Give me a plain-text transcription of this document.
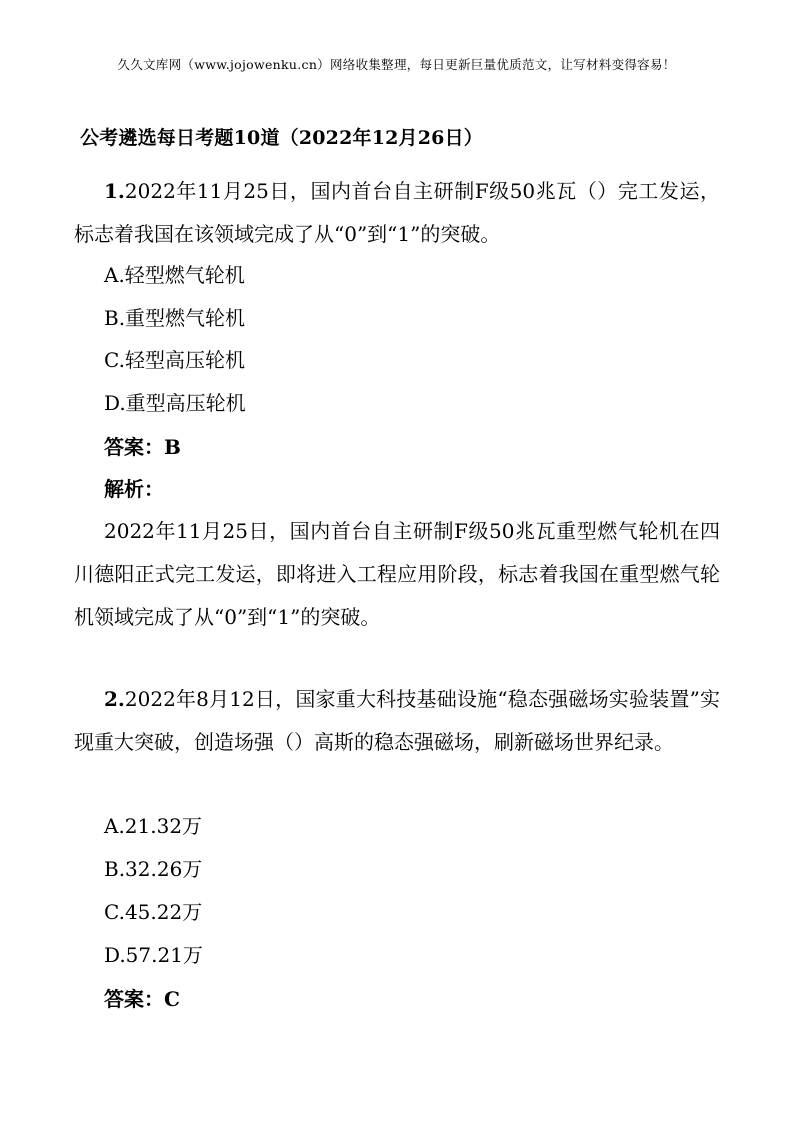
久久文库网（www.jojowenku.cn）网络收集整理，每日更新巨量优质范文，让写材料变得容易！
公考遴选每日考题10道（2022年12月26日）
1.2022年11月25日，国内首台自主研制F级50兆瓦（）完工发运，标志着我国在该领域完成了从“0”到“1”的突破。
A.轻型燃气轮机
B.重型燃气轮机
C.轻型高压轮机
D.重型高压轮机
答案：B
解析：
2022年11月25日，国内首台自主研制F级50兆瓦重型燃气轮机在四川德阳正式完工发运，即将进入工程应用阶段，标志着我国在重型燃气轮机领域完成了从“0”到“1”的突破。
2.2022年8月12日，国家重大科技基础设施“稳态强磁场实验装置”实现重大突破，创造场强（）高斯的稳态强磁场，刷新磁场世界纪录。
A.21.32万
B.32.26万
C.45.22万
D.57.21万
答案：C
